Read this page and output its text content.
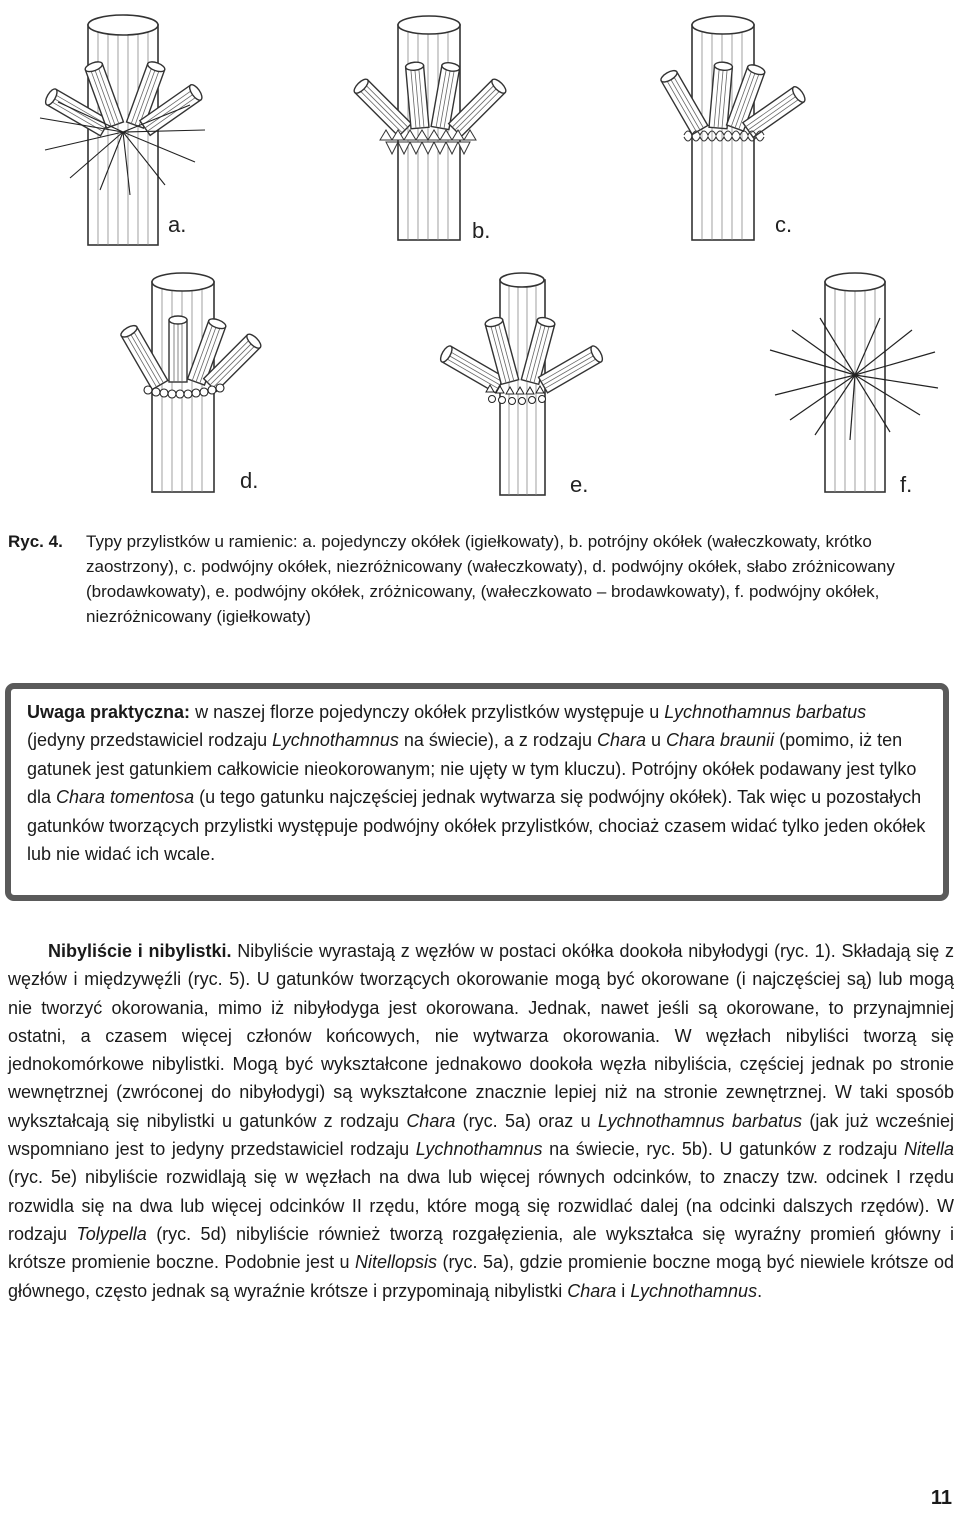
a.	b.	c.
d.	e.	f.
Ryc. 4. Typy przylistków u ramienic: a. pojedynczy okółek (igiełkowaty), b. potrójny okółek (wałeczkowaty, krótko zaostrzony), c. podwójny okółek, niezróżnicowany (wałeczkowaty), d. podwójny okółek, słabo zróżnicowany (brodawkowaty), e. podwójny okółek, zróżnicowany, (wałeczkowato – brodawkowaty), f. podwójny okółek, niezróżnicowany (igiełkowaty)
Uwaga praktyczna: w naszej florze pojedynczy okółek przylistków występuje u Lychnothamnus barbatus (jedyny przedstawiciel rodzaju Lychnothamnus na świecie), a z rodzaju Chara u Chara braunii (pomimo, iż ten gatunek jest gatunkiem całkowicie nieokorowanym; nie ujęty w tym kluczu). Potrójny okółek podawany jest tylko dla Chara tomentosa (u tego gatunku najczęściej jednak wytwarza się podwójny okółek). Tak więc u pozostałych gatunków tworzących przylistki występuje podwójny okółek przylistków, chociaż czasem widać tylko jeden okółek lub nie widać ich wcale.
Nibyliście i nibylistki. Nibyliście wyrastają z węzłów w postaci okółka dookoła nibyłodygi (ryc. 1). Składają się z węzłów i międzywęźli (ryc. 5). U gatunków tworzących okorowanie mogą być okorowane (i najczęściej są) lub mogą nie tworzyć okorowania, mimo iż nibyłodyga jest okorowana. Jednak, nawet jeśli są okorowane, to przynajmniej ostatni, a czasem więcej członów końcowych, nie wytwarza okorowania. W węzłach nibyliści tworzą się jednokomórkowe nibylistki. Mogą być wykształcone jednakowo dookoła węzła nibyliścia, częściej jednak po stronie wewnętrznej (zwróconej do nibyłodygi) są wykształcone znacznie lepiej niż na stronie zewnętrznej. W taki sposób wykształcają się nibylistki u gatunków z rodzaju Chara (ryc. 5a) oraz u Lychnothamnus barbatus (jak już wcześniej wspomniano jest to jedyny przedstawiciel rodzaju Lychnothamnus na świecie, ryc. 5b). U gatunków z rodzaju Nitella (ryc. 5e) nibyliście rozwidlają się w węzłach na dwa lub więcej równych odcinków, to znaczy tzw. odcinek I rzędu rozwidla się na dwa lub więcej odcinków II rzędu, które mogą się rozwidlać dalej (na odcinki dalszych rzędów). W rodzaju Tolypella (ryc. 5d) nibyliście również tworzą rozgałęzienia, ale wykształca się wyraźny promień główny i krótsze promienie boczne. Podobnie jest u Nitellopsis (ryc. 5a), gdzie promienie boczne mogą być niewiele krótsze od głównego, często jednak są wyraźnie krótsze i przypominają nibylistki Chara i Lychnothamnus.
11
